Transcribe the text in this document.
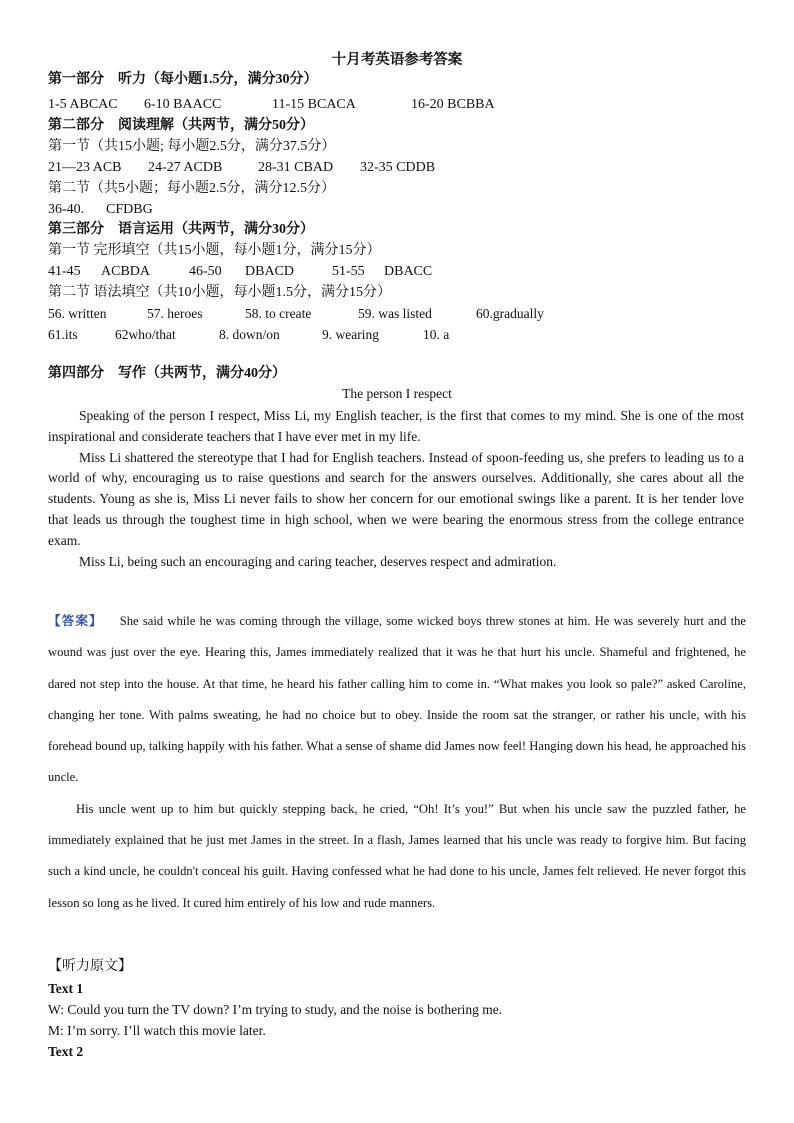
十月考英语参考答案
第一部分　听力（每小题1.5分，满分30分）
1-5 ABCAC 6-10 BAACC	11-15 BCACA	16-20 BCBBA
第二部分　阅读理解（共两节，满分50分）
第一节（共15小题; 每小题2.5分，满分37.5分）
21—23 ACB 24-27 ACDB	28-31 CBAD 32-35 CDDB
第二节（共5小题；每小题2.5分，满分12.5分）
36-40. CFDBG
第三部分　语言运用（共两节，满分30分）
第一节 完形填空（共15小题，每小题1分，满分15分）
41-45 ACBDA	46-50 DBACD	51-55 DBACC
第二节 语法填空（共10小题，每小题1.5分，满分15分）
56. written	57. heroes	58. to create	59. was listed	60.gradually
61.its	62who/that	8. down/on	9. wearing	10. a
第四部分　写作（共两节，满分40分）
The person I respect

Speaking of the person I respect, Miss Li, my English teacher, is the first that comes to my mind. She is one of the most inspirational and considerate teachers that I have ever met in my life.

Miss Li shattered the stereotype that I had for English teachers. Instead of spoon-feeding us, she prefers to leading us to a world of why, encouraging us to raise questions and search for the answers ourselves. Additionally, she cares about all the students. Young as she is, Miss Li never fails to show her concern for our emotional swings like a parent. It is her tender love that leads us through the toughest time in high school, when we were bearing the enormous stress from the college entrance exam.

Miss Li, being such an encouraging and caring teacher, deserves respect and admiration.

【答案】 She said while he was coming through the village, some wicked boys threw stones at him. He was severely hurt and the wound was just over the eye. Hearing this, James immediately realized that it was he that hurt his uncle. Shameful and frightened, he dared not step into the house. At that time, he heard his father calling him to come in. “What makes you look so pale?” asked Caroline, changing her tone. With palms sweating, he had no choice but to obey. Inside the room sat the stranger, or rather his uncle, with his forehead bound up, talking happily with his father. What a sense of shame did James now feel! Hanging down his head, he approached his uncle.

His uncle went up to him but quickly stepping back, he cried, “Oh! It’s you!” But when his uncle saw the puzzled father, he immediately explained that he just met James in the street. In a flash, James learned that his uncle was ready to forgive him. But facing such a kind uncle, he couldn't conceal his guilt. Having confessed what he had done to his uncle, James felt relieved. He never forgot this lesson so long as he lived. It cured him entirely of his low and rude manners.

【听力原文】
Text 1
W: Could you turn the TV down? I’m trying to study, and the noise is bothering me.
M: I’m sorry. I’ll watch this movie later.
Text 2
